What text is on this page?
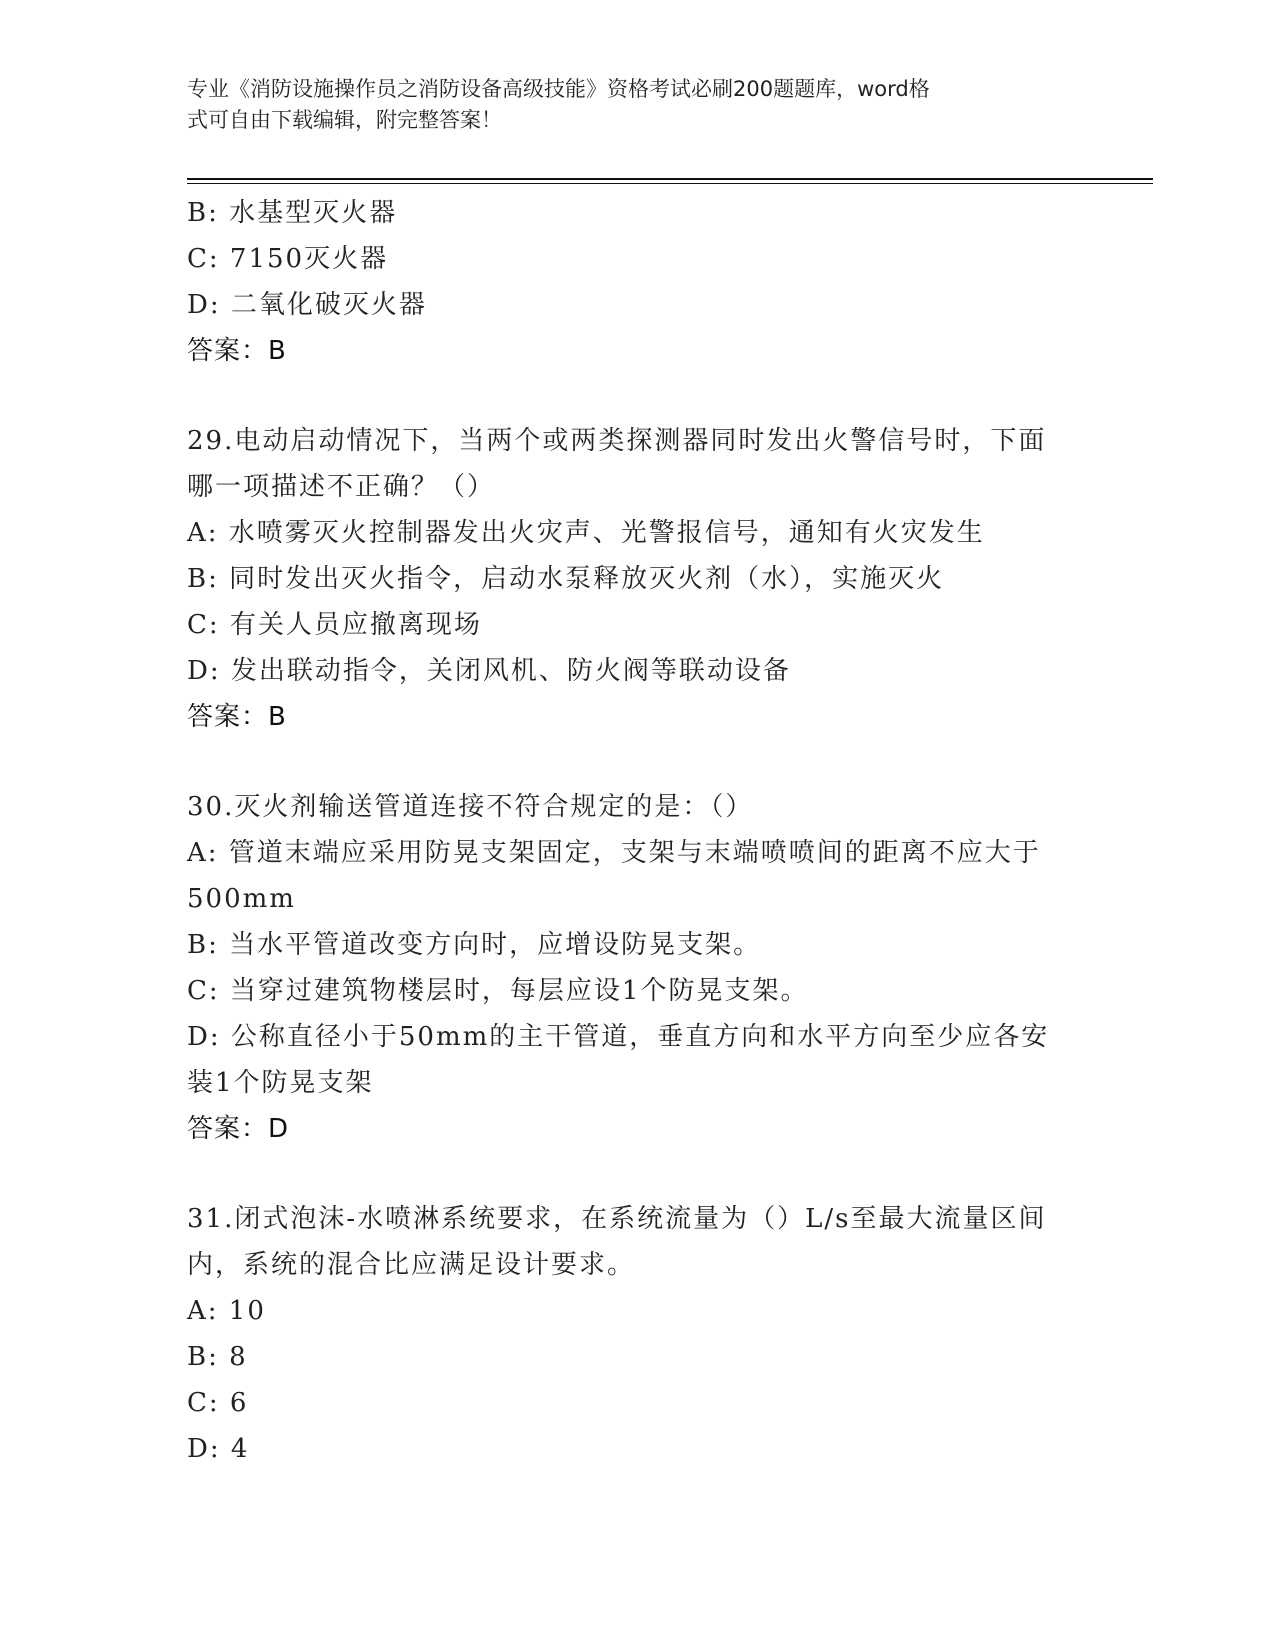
专业《消防设施操作员之消防设备高级技能》资格考试必刷200题题库，word格
式可自由下载编辑，附完整答案！
B: 水基型灭火器
C: 7150灭火器
D: 二氧化破灭火器
答案：B
29.电动启动情况下，当两个或两类探测器同时发出火警信号时，下面
哪一项描述不正确？（）
A: 水喷雾灭火控制器发出火灾声、光警报信号，通知有火灾发生
B: 同时发出灭火指令，启动水泵释放灭火剂（水），实施灭火
C: 有关人员应撤离现场
D: 发出联动指令，关闭风机、防火阀等联动设备
答案：B
30.灭火剂输送管道连接不符合规定的是：（）
A: 管道末端应采用防晃支架固定，支架与末端喷喷间的距离不应大于
500mm
B: 当水平管道改变方向时，应增设防晃支架。
C: 当穿过建筑物楼层时，每层应设1个防晃支架。
D: 公称直径小于50mm的主干管道，垂直方向和水平方向至少应各安
装1个防晃支架
答案：D
31.闭式泡沫-水喷淋系统要求，在系统流量为（）L/s至最大流量区间
内，系统的混合比应满足设计要求。
A: 10
B: 8
C: 6
D: 4
